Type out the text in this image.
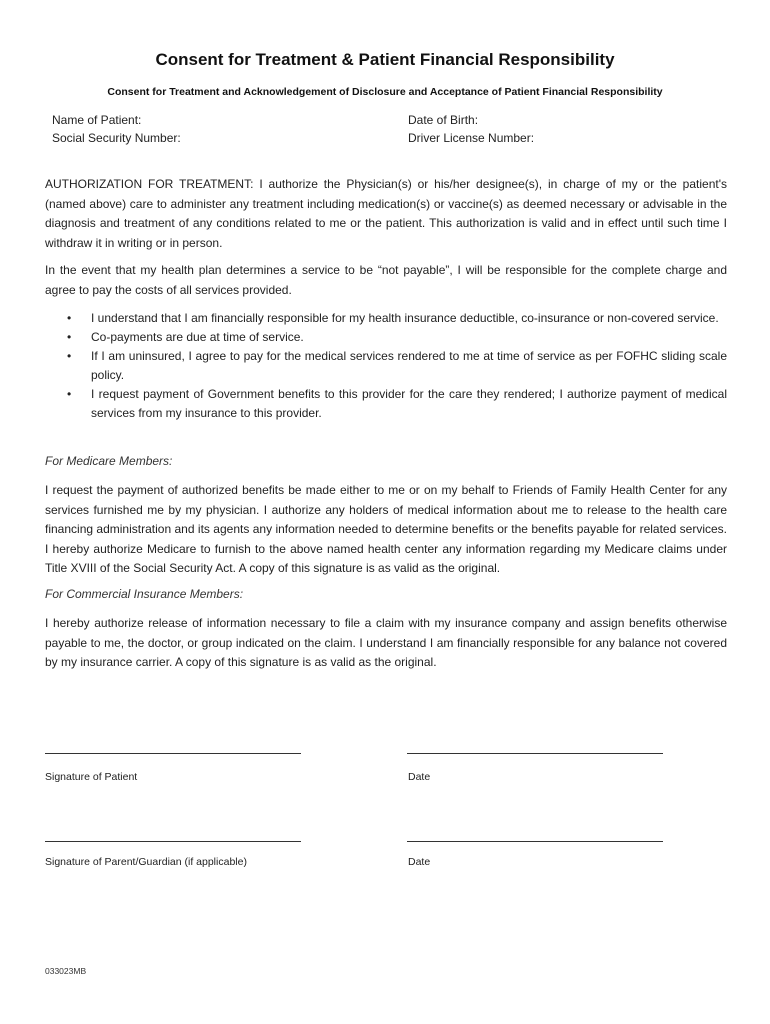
Consent for Treatment & Patient Financial Responsibility
Consent for Treatment and Acknowledgement of Disclosure and Acceptance of Patient Financial Responsibility
Name of Patient:	Date of Birth:
Social Security Number:	Driver License Number:
AUTHORIZATION FOR TREATMENT: I authorize the Physician(s) or his/her designee(s), in charge of my or the patient's (named above) care to administer any treatment including medication(s) or vaccine(s) as deemed necessary or advisable in the diagnosis and treatment of any conditions related to me or the patient. This authorization is valid and in effect until such time I withdraw it in writing or in person.
In the event that my health plan determines a service to be “not payable”, I will be responsible for the complete charge and agree to pay the costs of all services provided.
• I understand that I am financially responsible for my health insurance deductible, co-insurance or non-covered service.
• Co-payments are due at time of service.
• If I am uninsured, I agree to pay for the medical services rendered to me at time of service as per FOFHC sliding scale policy.
• I request payment of Government benefits to this provider for the care they rendered; I authorize payment of medical services from my insurance to this provider.
For Medicare Members:
I request the payment of authorized benefits be made either to me or on my behalf to Friends of Family Health Center for any services furnished me by my physician. I authorize any holders of medical information about me to release to the health care financing administration and its agents any information needed to determine benefits or the benefits payable for related services. I hereby authorize Medicare to furnish to the above named health center any information regarding my Medicare claims under Title XVIII of the Social Security Act. A copy of this signature is as valid as the original.
For Commercial Insurance Members:
I hereby authorize release of information necessary to file a claim with my insurance company and assign benefits otherwise payable to me, the doctor, or group indicated on the claim. I understand I am financially responsible for any balance not covered by my insurance carrier. A copy of this signature is as valid as the original.
Signature of Patient	Date
Signature of Parent/Guardian (if applicable)	Date
033023MB
